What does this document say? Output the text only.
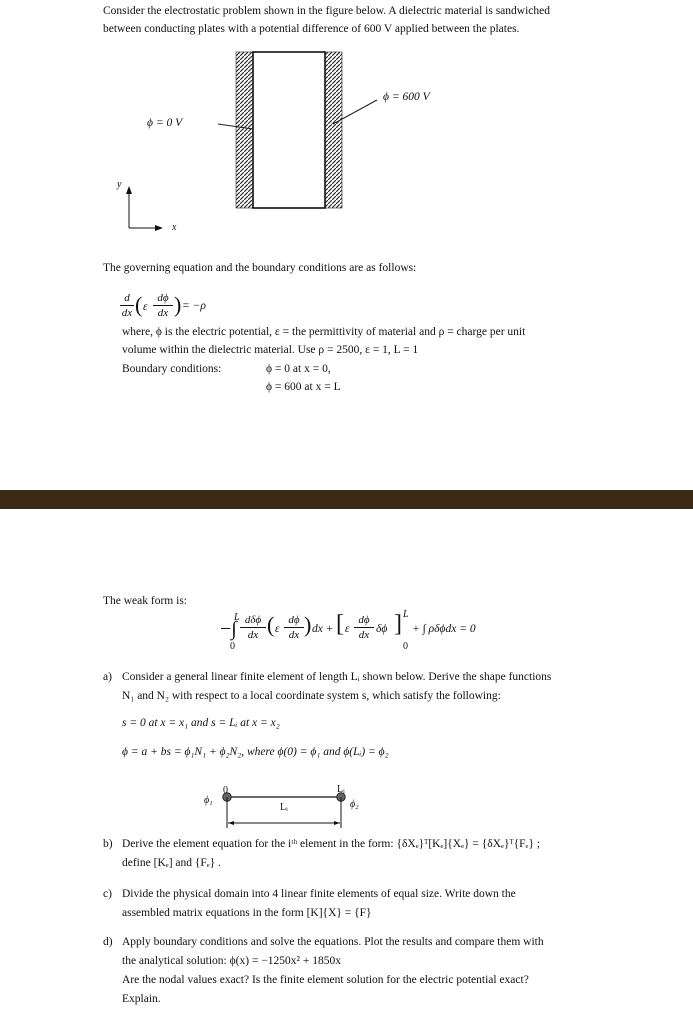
Consider the electrostatic problem shown in the figure below. A dielectric material is sandwiched
between conducting plates with a potential difference of 600 V applied between the plates.
ϕ = 0 V
ϕ = 600 V
y
x
The governing equation and the boundary conditions are as follows:
d
dx ( ε
dϕ
dx ) = −ρ
where, ϕ is the electric potential, ε = the permittivity of material and ρ = charge per unit
volume within the dielectric material. Use ρ = 2500, ε = 1, L = 1
Boundary conditions:	ϕ = 0 at x = 0,
ϕ = 600 at x = L
The weak form is:
−∫
L
0
dδϕ
dx ( ε
dϕ
dx ) dx + [ ε
dϕ
dx δϕ ] L
0
+ ∫ ρδϕdx = 0
a) Consider a general linear finite element of length Lᵢ shown below. Derive the shape functions
N₁ and N₂ with respect to a local coordinate system s, which satisfy the following:
s = 0 at x = x₁ and s = Lᵢ at x = x₂
ϕ = a + bs = ϕ₁N₁ + ϕ₂N₂, where ϕ(0) = ϕ₁ and ϕ(Lᵢ) = ϕ₂
0	Lᵢ
ϕ₁	ϕ₂
Lᵢ
b) Derive the element equation for the iᵗʰ element in the form: {δXₑ}ᵀ[Kₑ]{Xₑ} = {δXₑ}ᵀ{Fₑ} ;
define [Kₑ] and {Fₑ} .
c) Divide the physical domain into 4 linear finite elements of equal size. Write down the
assembled matrix equations in the form [K]{X} = {F}
d) Apply boundary conditions and solve the equations. Plot the results and compare them with
the analytical solution: ϕ(x) = −1250x² + 1850x
Are the nodal values exact? Is the finite element solution for the electric potential exact?
Explain.
